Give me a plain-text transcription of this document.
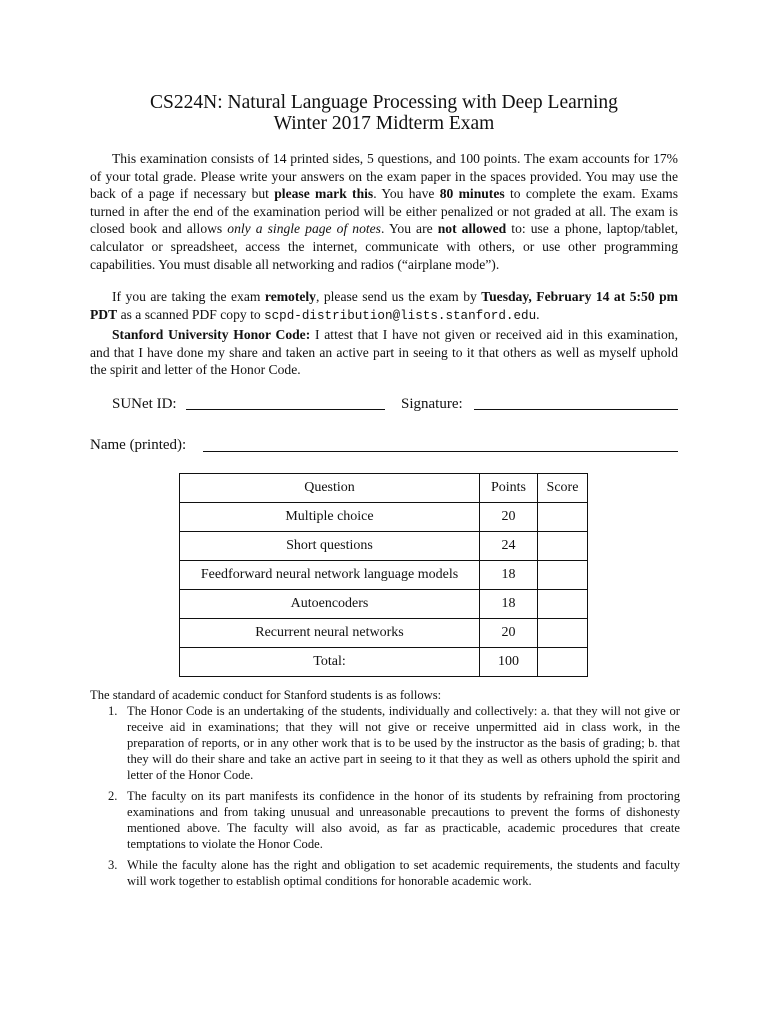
CS224N: Natural Language Processing with Deep Learning
Winter 2017 Midterm Exam
This examination consists of 14 printed sides, 5 questions, and 100 points. The exam accounts for 17% of your total grade. Please write your answers on the exam paper in the spaces provided. You may use the back of a page if necessary but please mark this. You have 80 minutes to complete the exam. Exams turned in after the end of the examination period will be either penalized or not graded at all. The exam is closed book and allows only a single page of notes. You are not allowed to: use a phone, laptop/tablet, calculator or spreadsheet, access the internet, communicate with others, or use other programming capabilities. You must disable all networking and radios (“airplane mode”).
If you are taking the exam remotely, please send us the exam by Tuesday, February 14 at 5:50 pm PDT as a scanned PDF copy to scpd-distribution@lists.stanford.edu.
Stanford University Honor Code: I attest that I have not given or received aid in this examination, and that I have done my share and taken an active part in seeing to it that others as well as myself uphold the spirit and letter of the Honor Code.
SUNet ID:	Signature:
Name (printed):
Question	Points	Score
Multiple choice	20	
Short questions	24	
Feedforward neural network language models	18	
Autoencoders	18	
Recurrent neural networks	20	
Total:	100	

The standard of academic conduct for Stanford students is as follows:

1. The Honor Code is an undertaking of the students, individually and collectively: a. that they will not give or receive aid in examinations; that they will not give or receive unpermitted aid in class work, in the preparation of reports, or in any other work that is to be used by the instructor as the basis of grading; b. that they will do their share and take an active part in seeing to it that they as well as others uphold the spirit and letter of the Honor Code.
2. The faculty on its part manifests its confidence in the honor of its students by refraining from proctoring examinations and from taking unusual and unreasonable precautions to prevent the forms of dishonesty mentioned above. The faculty will also avoid, as far as practicable, academic procedures that create temptations to violate the Honor Code.
3. While the faculty alone has the right and obligation to set academic requirements, the students and faculty will work together to establish optimal conditions for honorable academic work.
